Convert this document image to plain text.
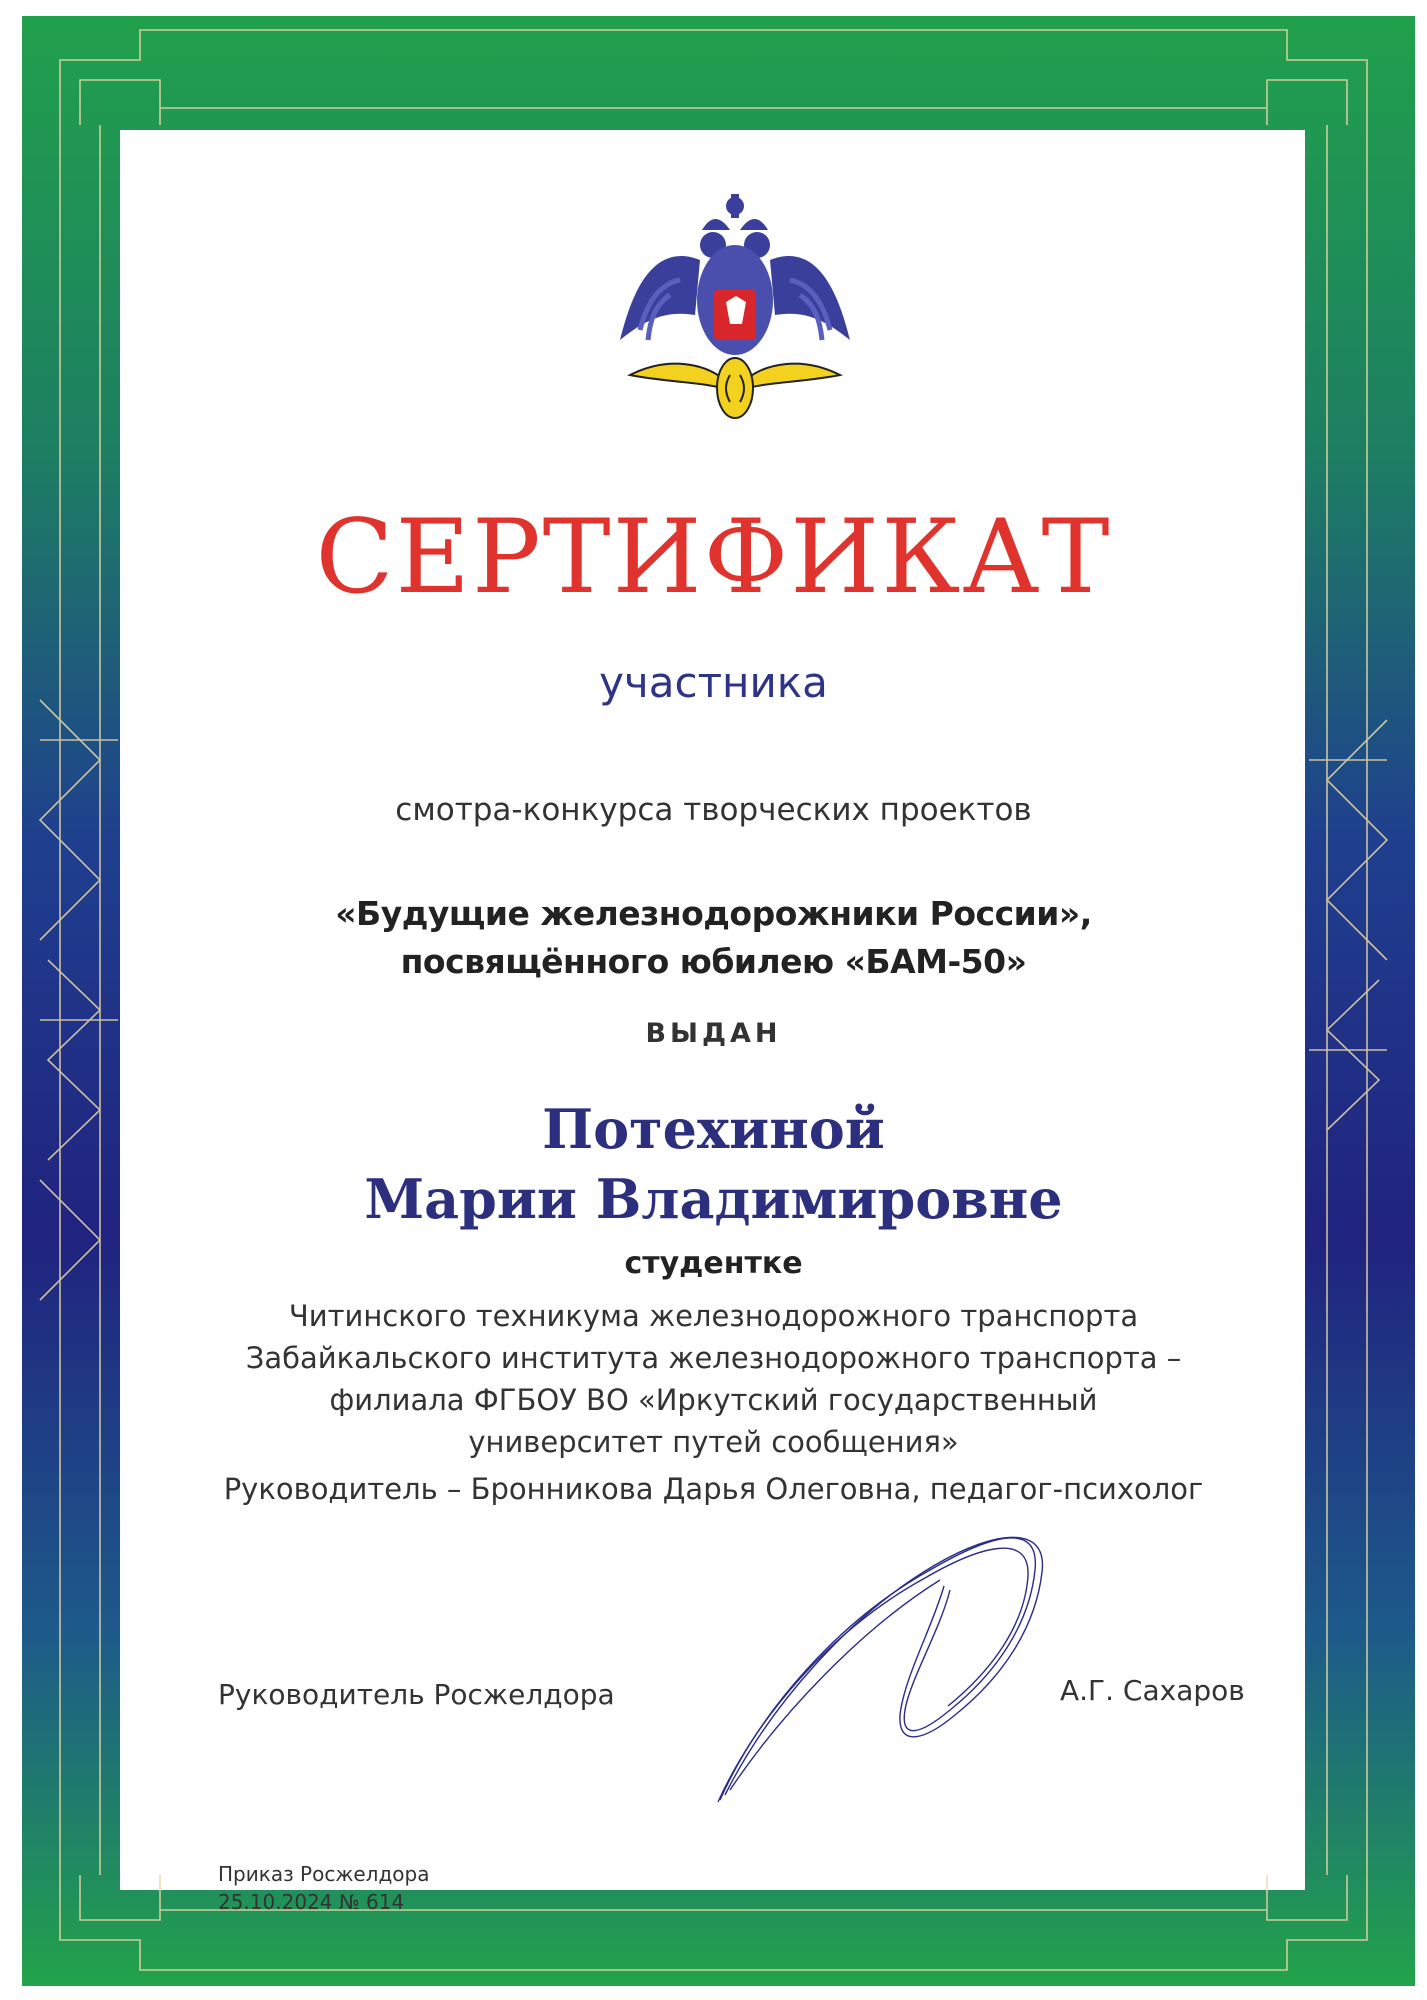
СЕРТИФИКАТ

участника

смотра-конкурса творческих проектов

«Будущие железнодорожники России»,
посвящённого юбилею «БАМ-50»

ВЫДАН

Потехиной
Марии Владимировне

студентке

Читинского техникума железнодорожного транспорта
Забайкальского института железнодорожного транспорта –
филиала ФГБОУ ВО «Иркутский государственный
университет путей сообщения»

Руководитель – Бронникова Дарья Олеговна, педагог-психолог

Руководитель Росжелдора	А.Г. Сахаров

Приказ Росжелдора
25.10.2024 № 614
